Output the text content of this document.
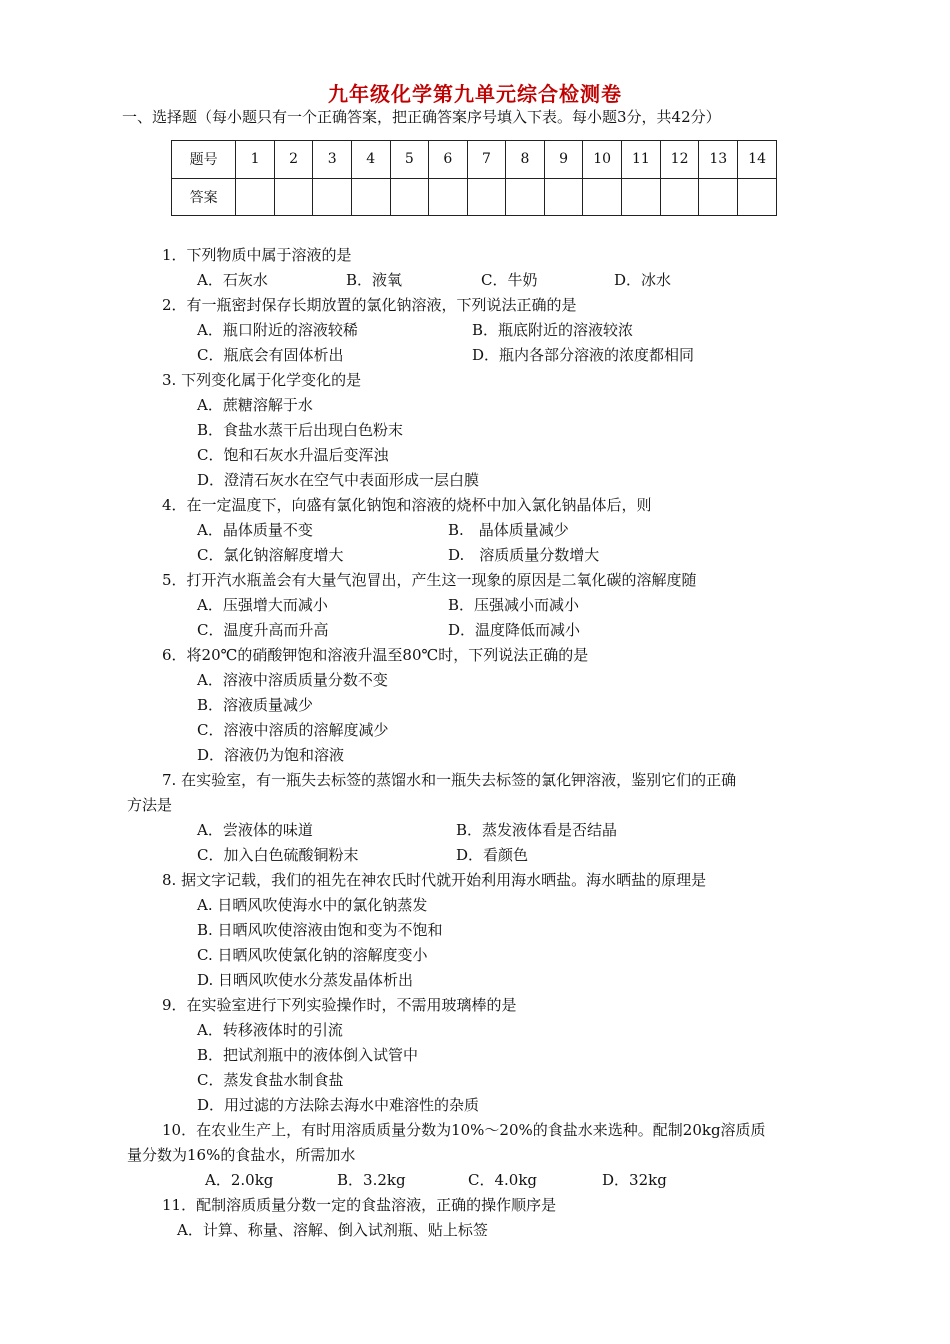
九年级化学第九单元综合检测卷
一、选择题（每小题只有一个正确答案，把正确答案序号填入下表。每小题3分，共42分）
题号	1	2	3	4	5	6	7	8	9	10	11	12	13	14
答案														
1．下列物质中属于溶液的是
A．石灰水	B．液氧	C．牛奶	D．冰水
2．有一瓶密封保存长期放置的氯化钠溶液，下列说法正确的是
A．瓶口附近的溶液较稀	B．瓶底附近的溶液较浓
C．瓶底会有固体析出	D．瓶内各部分溶液的浓度都相同
3. 下列变化属于化学变化的是
A．蔗糖溶解于水
B．食盐水蒸干后出现白色粉末
C．饱和石灰水升温后变浑浊
D．澄清石灰水在空气中表面形成一层白膜
4．在一定温度下，向盛有氯化钠饱和溶液的烧杯中加入氯化钠晶体后，则
A．晶体质量不变	B.　晶体质量减少
C．氯化钠溶解度增大	D.　溶质质量分数增大
5．打开汽水瓶盖会有大量气泡冒出，产生这一现象的原因是二氧化碳的溶解度随
A．压强增大而减小	B．压强减小而减小
C．温度升高而升高	D．温度降低而减小
6．将20℃的硝酸钾饱和溶液升温至80℃时，下列说法正确的是
A．溶液中溶质质量分数不变
B．溶液质量减少
C．溶液中溶质的溶解度减少
D．溶液仍为饱和溶液
7. 在实验室，有一瓶失去标签的蒸馏水和一瓶失去标签的氯化钾溶液，鉴别它们的正确
方法是
A．尝液体的味道	B．蒸发液体看是否结晶
C．加入白色硫酸铜粉末	D．看颜色
8. 据文字记载，我们的祖先在神农氏时代就开始利用海水晒盐。海水晒盐的原理是
A. 日晒风吹使海水中的氯化钠蒸发
B. 日晒风吹使溶液由饱和变为不饱和
C. 日晒风吹使氯化钠的溶解度变小
D. 日晒风吹使水分蒸发晶体析出
9．在实验室进行下列实验操作时，不需用玻璃棒的是
A．转移液体时的引流
B．把试剂瓶中的液体倒入试管中
C．蒸发食盐水制食盐
D．用过滤的方法除去海水中难溶性的杂质
10．在农业生产上，有时用溶质质量分数为10%～20%的食盐水来选种。配制20kg溶质质
量分数为16%的食盐水，所需加水
A．2.0kg	B．3.2kg	C．4.0kg	D．32kg
11．配制溶质质量分数一定的食盐溶液，正确的操作顺序是
A．计算、称量、溶解、倒入试剂瓶、贴上标签
